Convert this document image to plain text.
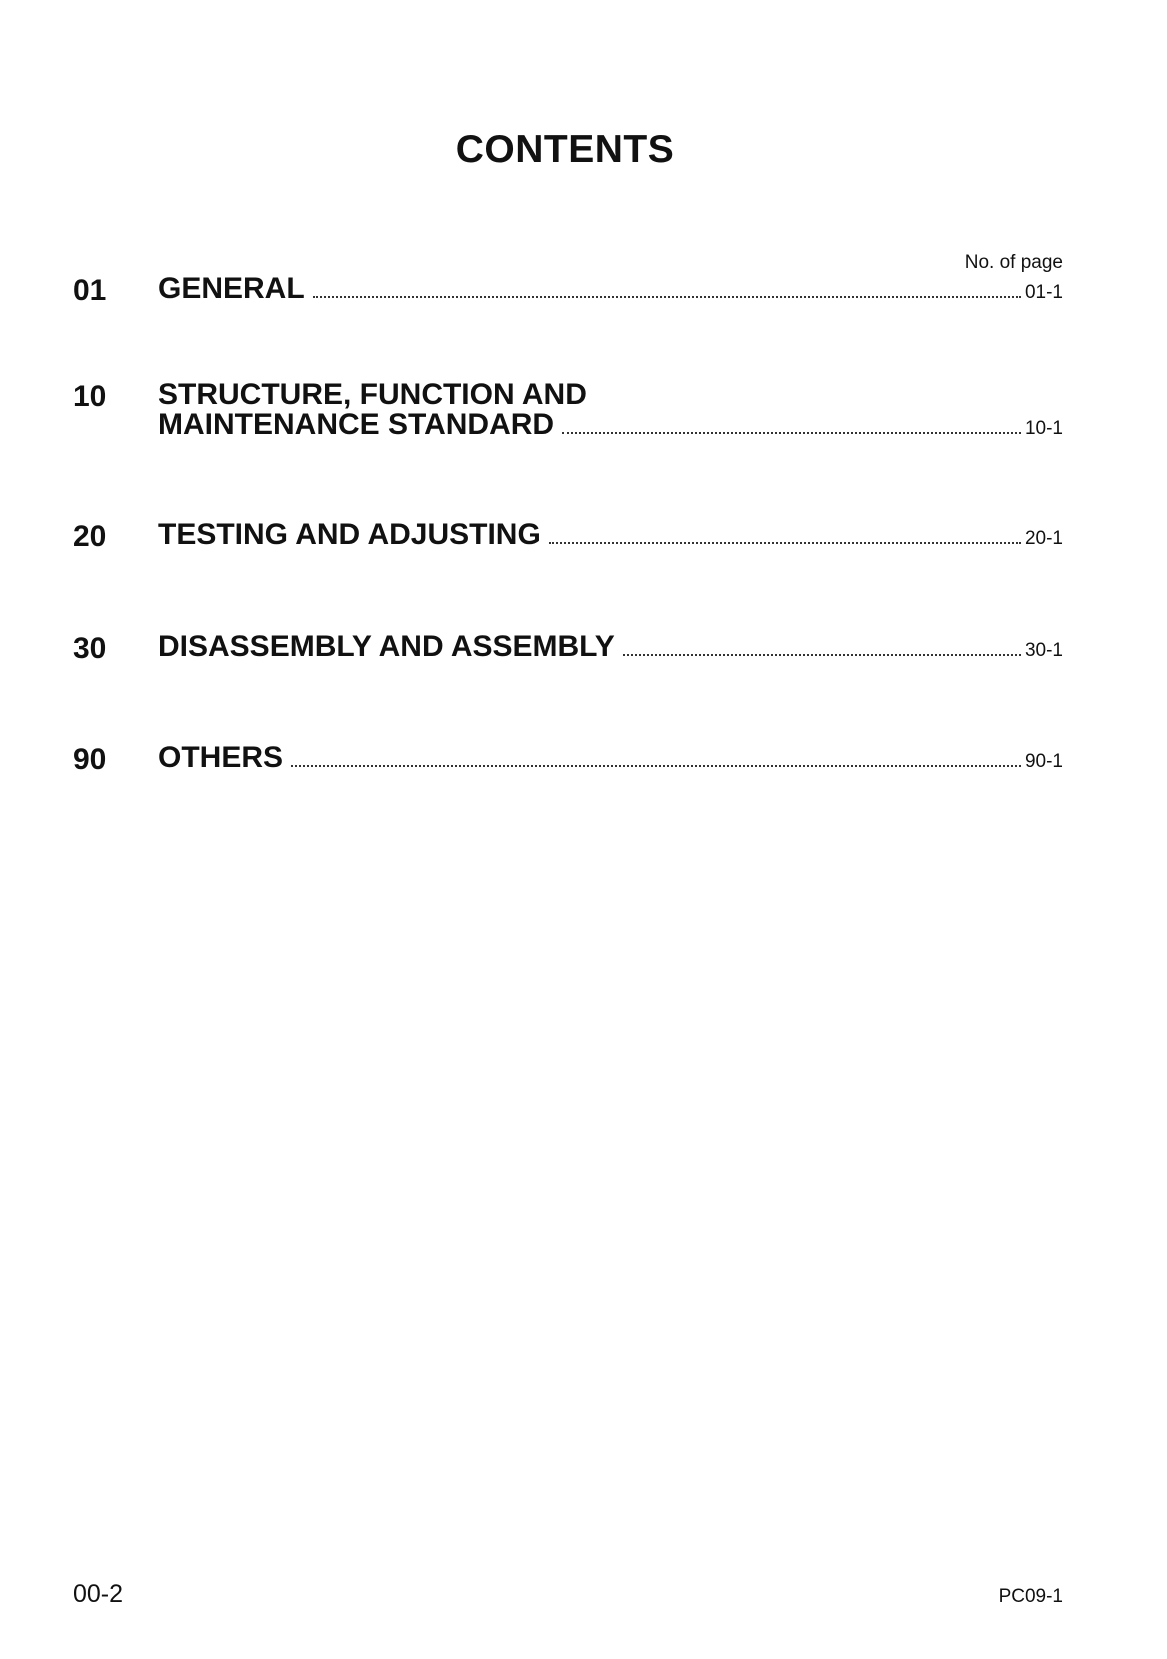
CONTENTS
No. of page
01 GENERAL	01-1
10 STRUCTURE, FUNCTION AND
MAINTENANCE STANDARD	10-1
20 TESTING AND ADJUSTING	20-1
30 DISASSEMBLY AND ASSEMBLY	30-1
90 OTHERS	90-1
00-2	PC09-1
